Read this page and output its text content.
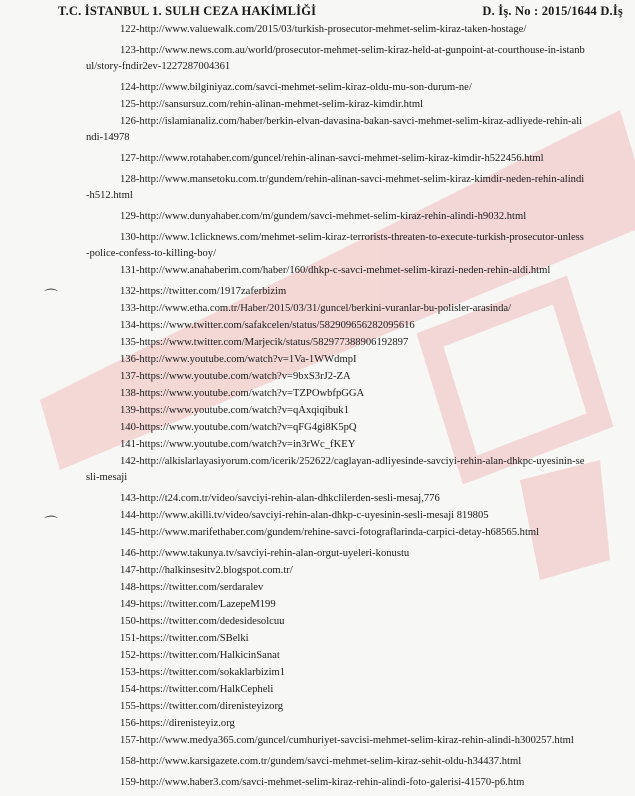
T.C. İSTANBUL 1. SULH CEZA HAKİMLİĞİ	D. İş. No : 2015/1644 D.İş
⌒
⌒
122-http://www.valuewalk.com/2015/03/turkish-prosecutor-mehmet-selim-kiraz-taken-hostage/
123-http://www.news.com.au/world/prosecutor-mehmet-selim-kiraz-held-at-gunpoint-at-courthouse-in-istanbul/story-fndir2ev-1227287004361
124-http://www.bilginiyaz.com/savci-mehmet-selim-kiraz-oldu-mu-son-durum-ne/
125-http://sansursuz.com/rehin-alinan-mehmet-selim-kiraz-kimdir.html
126-http://islamianaliz.com/haber/berkin-elvan-davasina-bakan-savci-mehmet-selim-kiraz-adliyede-rehin-alindi-14978
127-http://www.rotahaber.com/guncel/rehin-alinan-savci-mehmet-selim-kiraz-kimdir-h522456.html
128-http://www.mansetoku.com.tr/gundem/rehin-alinan-savci-mehmet-selim-kiraz-kimdir-neden-rehin-alindi-h512.html
129-http://www.dunyahaber.com/m/gundem/savci-mehmet-selim-kiraz-rehin-alindi-h9032.html
130-http://www.1clicknews.com/mehmet-selim-kiraz-terrorists-threaten-to-execute-turkish-prosecutor-unless-police-confess-to-killing-boy/
131-http://www.anahaberim.com/haber/160/dhkp-c-savci-mehmet-selim-kirazi-neden-rehin-aldi.html
132-https://twitter.com/1917zaferbizim
133-http://www.etha.com.tr/Haber/2015/03/31/guncel/berkini-vuranlar-bu-polisler-arasinda/
134-https://www.twitter.com/safakcelen/status/582909656282095616
135-https://www.twitter.com/Marjecik/status/582977388906192897
136-http://www.youtube.com/watch?v=1Va-1WWdmpI
137-https://www.youtube.com/watch?v=9bxS3rJ2-ZA
138-https://www.youtube.com/watch?v=TZPOwbfpGGA
139-https://www.youtube.com/watch?v=qAxqiqibuk1
140-https://www.youtube.com/watch?v=qFG4gi8K5pQ
141-https://www.youtube.com/watch?v=in3rWc_fKEY
142-http://alkislarlayasiyorum.com/icerik/252622/caglayan-adliyesinde-savciyi-rehin-alan-dhkpc-uyesinin-sesli-mesaji
143-http://t24.com.tr/video/savciyi-rehin-alan-dhkclilerden-sesli-mesaj,776
144-http://www.akilli.tv/video/savciyi-rehin-alan-dhkp-c-uyesinin-sesli-mesaji 819805
145-http://www.marifethaber.com/gundem/rehine-savci-fotograflarinda-carpici-detay-h68565.html
146-http://www.takunya.tv/savciyi-rehin-alan-orgut-uyeleri-konustu
147-http://halkinsesitv2.blogspot.com.tr/
148-https://twitter.com/serdaralev
149-https://twitter.com/LazepeM199
150-https://twitter.com/dedesidesolcuu
151-https://twitter.com/SBelki
152-https://twitter.com/HalkicinSanat
153-https://twitter.com/sokaklarbizim1
154-https://twitter.com/HalkCepheli
155-https://twitter.com/direnisteyizorg
156-https://direnisteyiz.org
157-http://www.medya365.com/guncel/cumhuriyet-savcisi-mehmet-selim-kiraz-rehin-alindi-h300257.html
158-http://www.karsigazete.com.tr/gundem/savci-mehmet-selim-kiraz-sehit-oldu-h34437.html
159-http://www.haber3.com/savci-mehmet-selim-kiraz-rehin-alindi-foto-galerisi-41570-p6.htm
